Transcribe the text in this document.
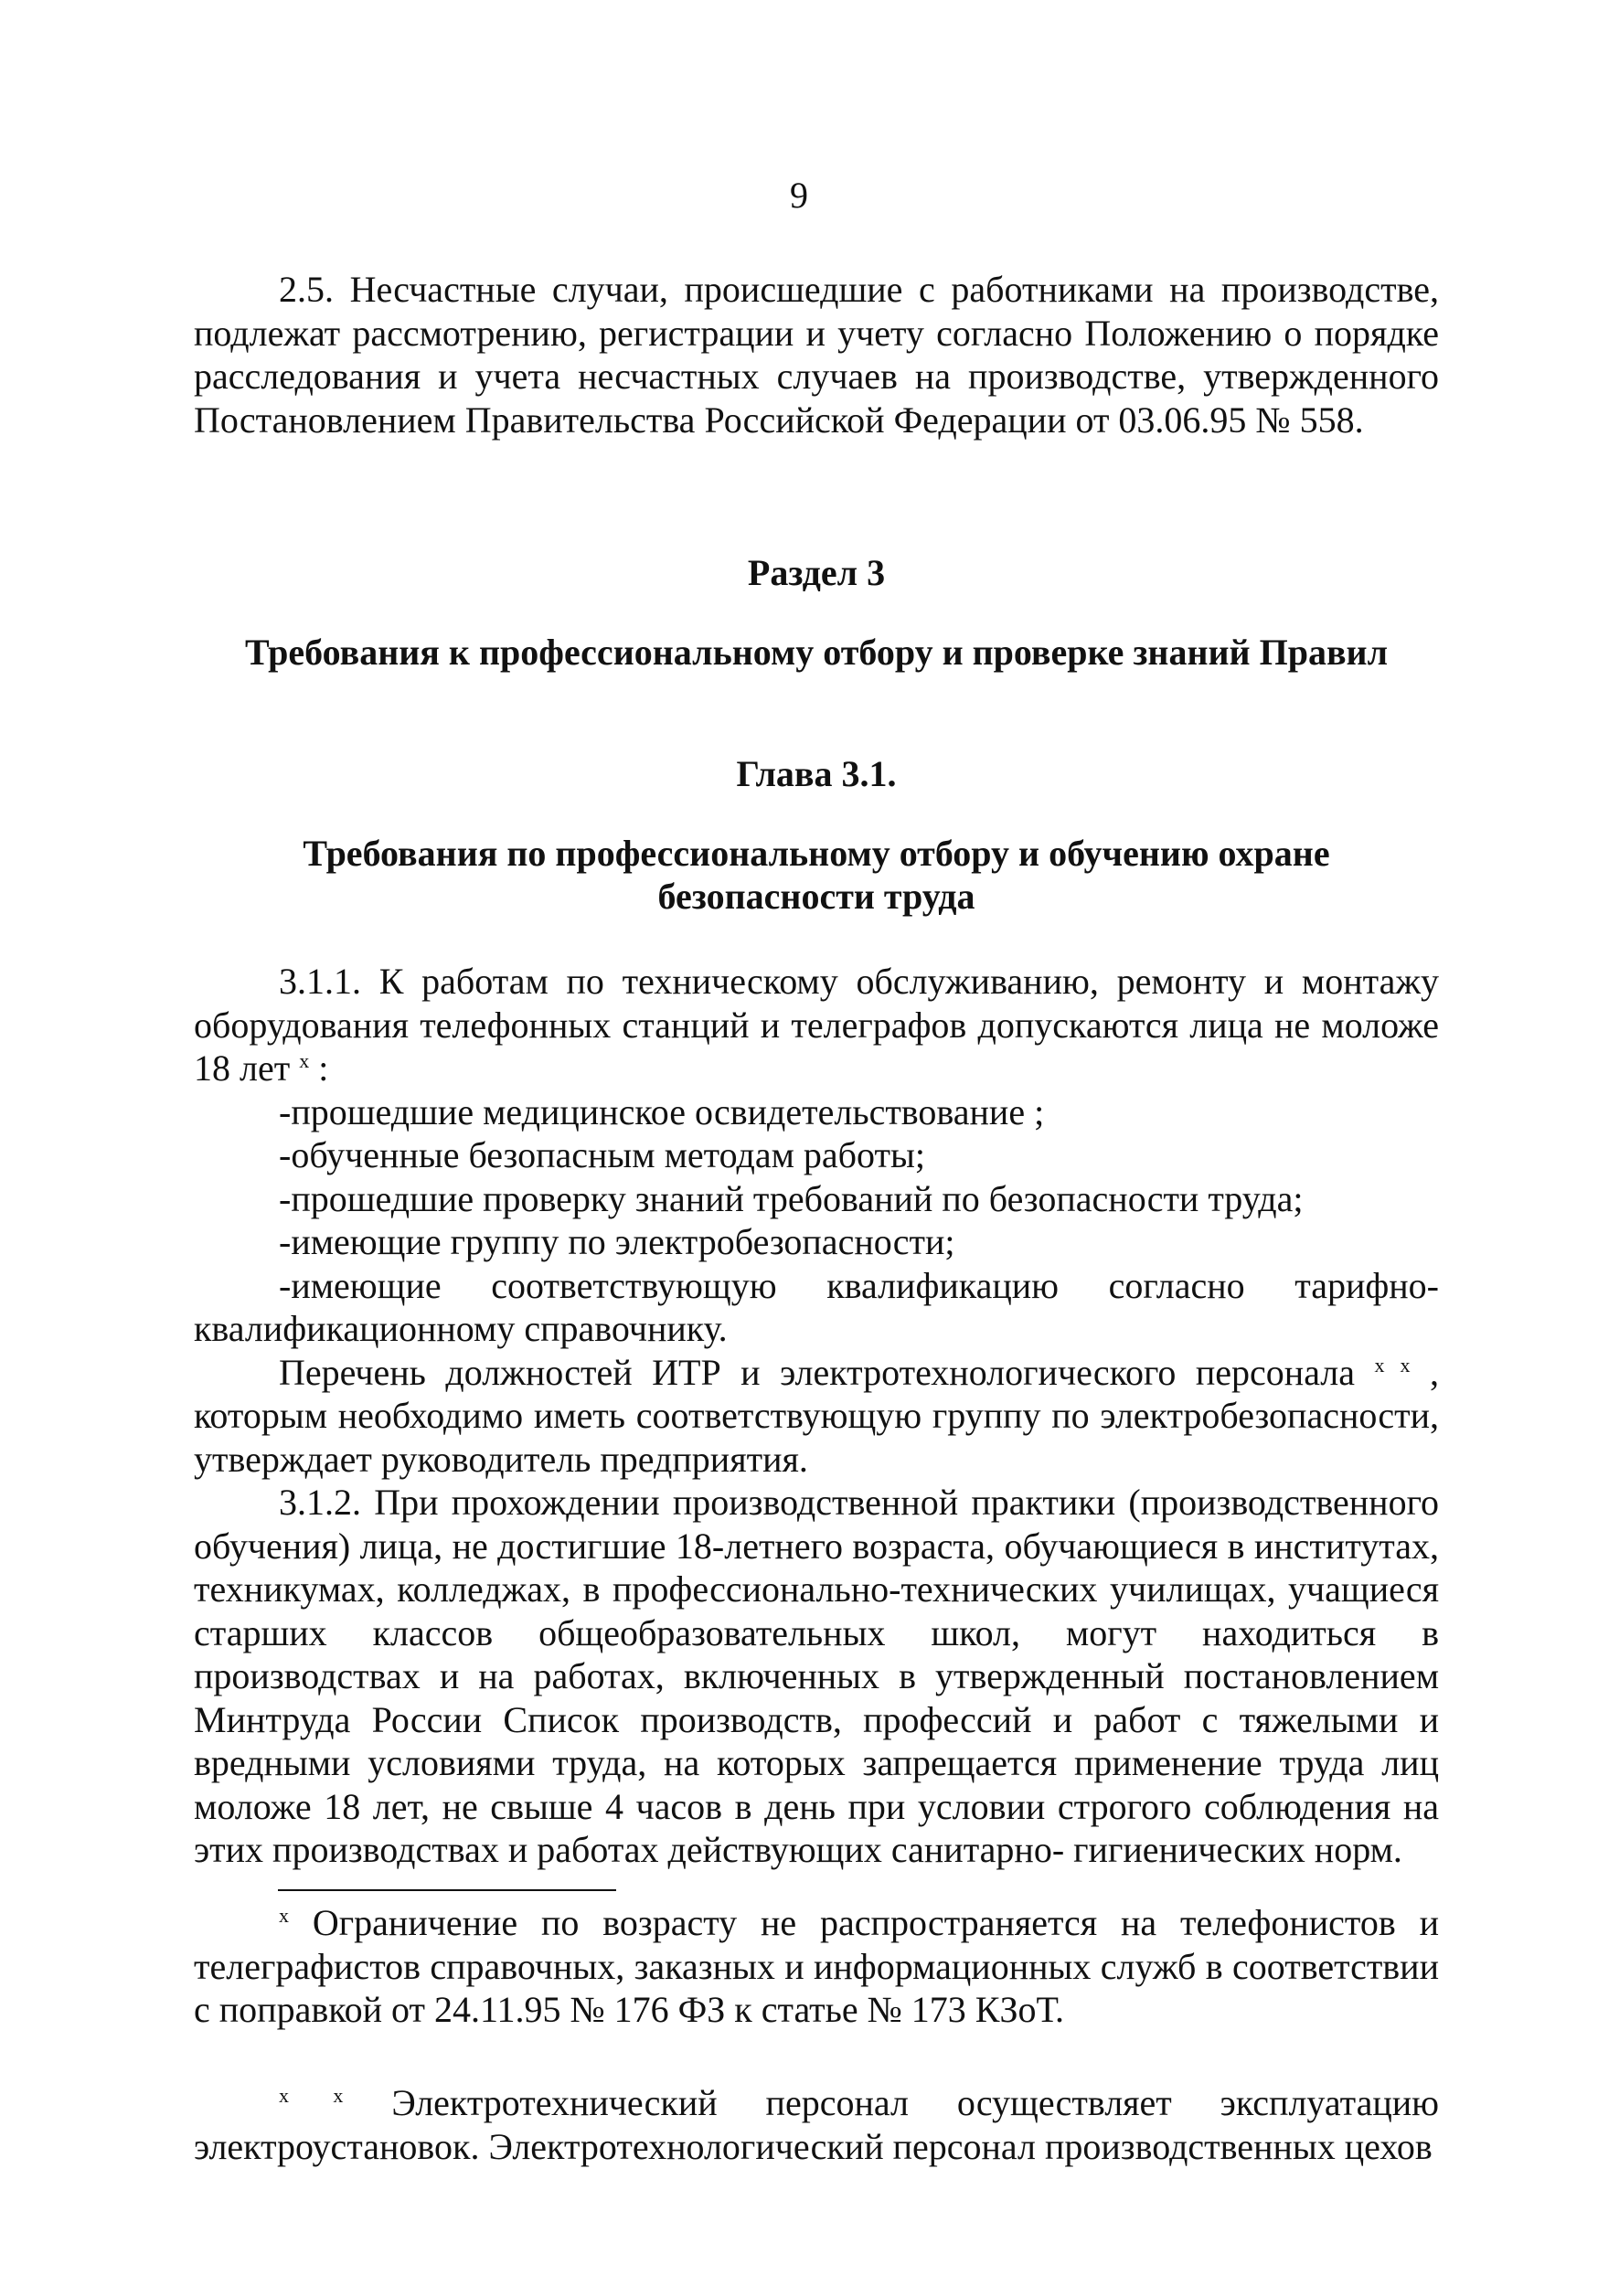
9

2.5. Несчастные случаи, происшедшие с работниками на производстве, подлежат рассмотрению, регистрации и учету согласно Положению о порядке расследования и учета несчастных случаев на производстве, утвержденного Постановлением Правительства Российской Федерации от 03.06.95 № 558.

Раздел 3

Требования к профессиональному отбору и проверке знаний Правил

Глава 3.1.

Требования по профессиональному отбору и обучению охране безопасности труда

3.1.1. К работам по техническому обслуживанию, ремонту и монтажу оборудования телефонных станций и телеграфов допускаются лица не моложе 18 лет $^х$ :

-прошедшие медицинское освидетельствование ;

-обученные безопасным методам работы;

-прошедшие проверку знаний требований по безопасности труда;

-имеющие группу по электробезопасности;

-имеющие соответствующую квалификацию согласно тарифно-квалификационному справочнику.

Перечень должностей ИТР и электротехнологического персонала $^{х х}$ , которым необходимо иметь соответствующую группу по электробезопасности, утверждает руководитель предприятия.

3.1.2. При прохождении производственной практики (производственного обучения) лица, не достигшие 18-летнего возраста, обучающиеся в институтах, техникумах, колледжах, в профессионально-технических училищах, учащиеся старших классов общеобразовательных школ, могут находиться в производствах и на работах, включенных в утвержденный постановлением Минтруда России Список производств, профессий и работ с тяжелыми и вредными условиями труда, на которых запрещается применение труда лиц моложе 18 лет, не свыше 4 часов в день при условии строгого соблюдения на этих производствах и работах действующих санитарно- гигиенических норм.

$^х$ Ограничение по возрасту не распространяется на телефонистов и телеграфистов справочных, заказных и информационных служб в соответствии с поправкой от 24.11.95 № 176 ФЗ к статье № 173 КЗоТ.

$^{х х}$ Электротехнический персонал осуществляет эксплуатацию электроустановок. Электротехнологический персонал производственных цехов
